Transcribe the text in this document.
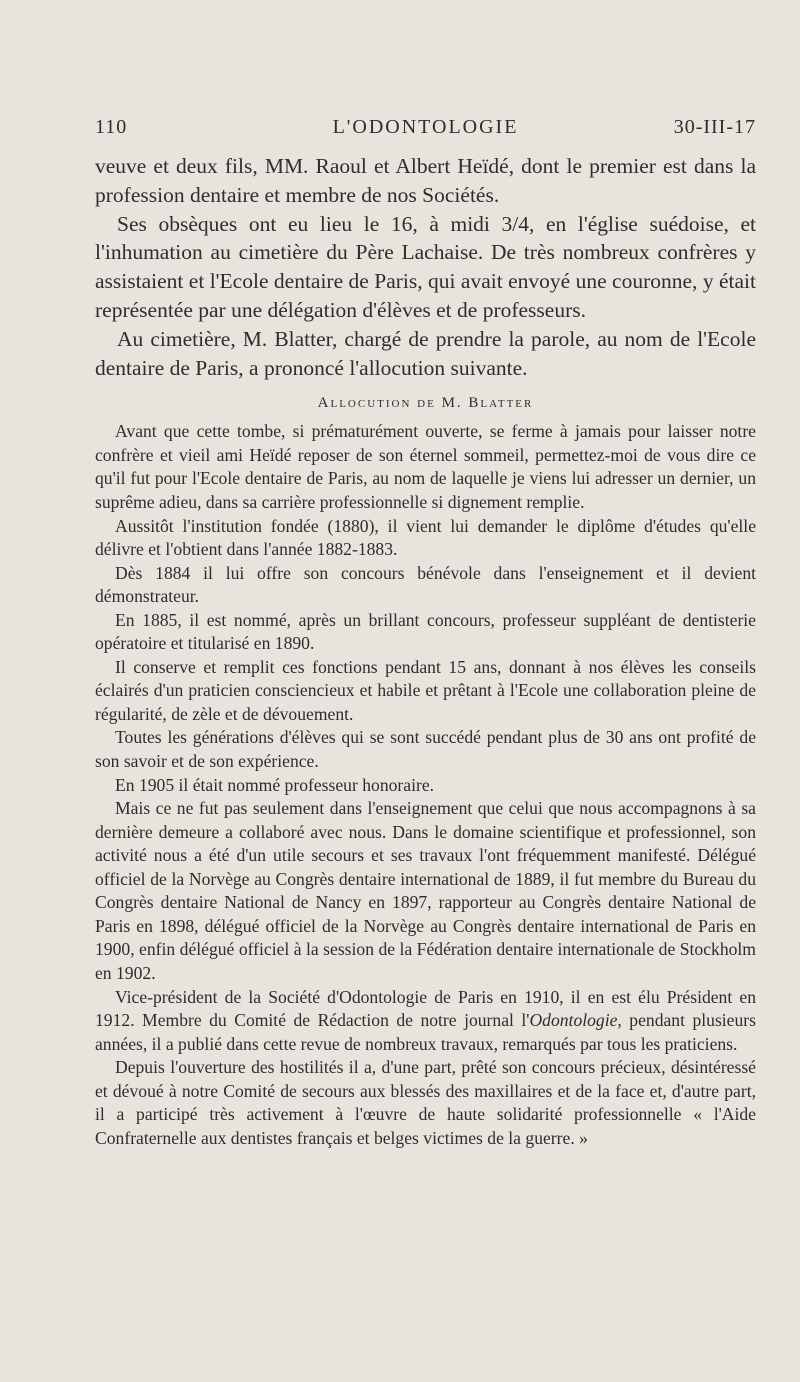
110	L'ODONTOLOGIE	30-III-17

veuve et deux fils, MM. Raoul et Albert Heïdé, dont le premier est dans la profession dentaire et membre de nos Sociétés.

Ses obsèques ont eu lieu le 16, à midi 3/4, en l'église suédoise, et l'inhumation au cimetière du Père Lachaise. De très nombreux confrères y assistaient et l'Ecole dentaire de Paris, qui avait envoyé une couronne, y était représentée par une délégation d'élèves et de professeurs.

Au cimetière, M. Blatter, chargé de prendre la parole, au nom de l'Ecole dentaire de Paris, a prononcé l'allocution suivante.

Allocution de M. Blatter

Avant que cette tombe, si prématurément ouverte, se ferme à jamais pour laisser notre confrère et vieil ami Heïdé reposer de son éternel sommeil, permettez-moi de vous dire ce qu'il fut pour l'Ecole dentaire de Paris, au nom de laquelle je viens lui adresser un dernier, un suprême adieu, dans sa carrière professionnelle si dignement remplie.

Aussitôt l'institution fondée (1880), il vient lui demander le diplôme d'études qu'elle délivre et l'obtient dans l'année 1882-1883.

Dès 1884 il lui offre son concours bénévole dans l'enseignement et il devient démonstrateur.

En 1885, il est nommé, après un brillant concours, professeur suppléant de dentisterie opératoire et titularisé en 1890.

Il conserve et remplit ces fonctions pendant 15 ans, donnant à nos élèves les conseils éclairés d'un praticien consciencieux et habile et prêtant à l'Ecole une collaboration pleine de régularité, de zèle et de dévouement.

Toutes les générations d'élèves qui se sont succédé pendant plus de 30 ans ont profité de son savoir et de son expérience.

En 1905 il était nommé professeur honoraire.

Mais ce ne fut pas seulement dans l'enseignement que celui que nous accompagnons à sa dernière demeure a collaboré avec nous. Dans le domaine scientifique et professionnel, son activité nous a été d'un utile secours et ses travaux l'ont fréquemment manifesté. Délégué officiel de la Norvège au Congrès dentaire international de 1889, il fut membre du Bureau du Congrès dentaire National de Nancy en 1897, rapporteur au Congrès dentaire National de Paris en 1898, délégué officiel de la Norvège au Congrès dentaire international de Paris en 1900, enfin délégué officiel à la session de la Fédération dentaire internationale de Stockholm en 1902.

Vice-président de la Société d'Odontologie de Paris en 1910, il en est élu Président en 1912. Membre du Comité de Rédaction de notre journal l'Odontologie, pendant plusieurs années, il a publié dans cette revue de nombreux travaux, remarqués par tous les praticiens.

Depuis l'ouverture des hostilités il a, d'une part, prêté son concours précieux, désintéressé et dévoué à notre Comité de secours aux blessés des maxillaires et de la face et, d'autre part, il a participé très activement à l'œuvre de haute solidarité professionnelle « l'Aide Confraternelle aux dentistes français et belges victimes de la guerre. »
